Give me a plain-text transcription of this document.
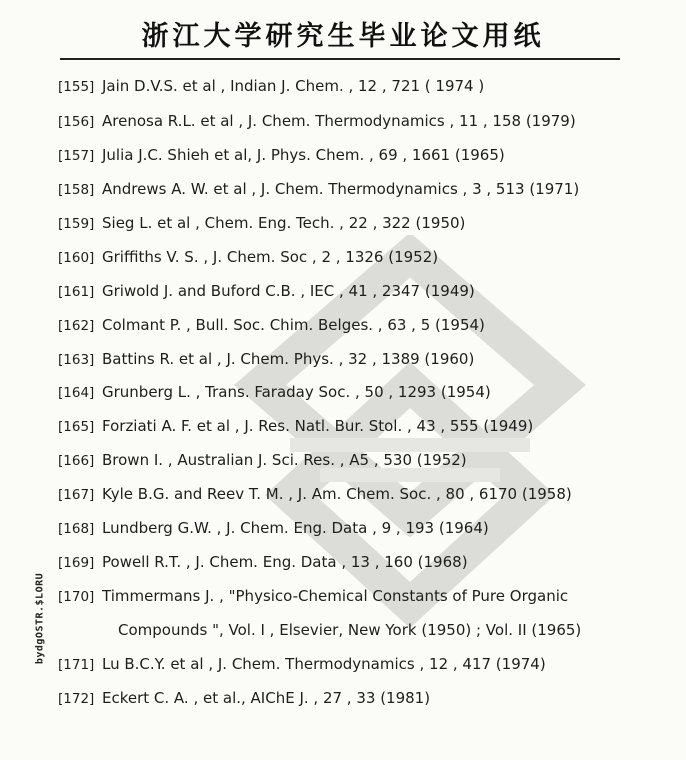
浙江大学研究生毕业论文用纸
bydgOSTR.$LORU
[155] Jain D.V.S. et al , Indian J. Chem. , 12 , 721 ( 1974 )
[156] Arenosa R.L. et al , J. Chem. Thermodynamics , 11 , 158 (1979)
[157] Julia J.C. Shieh et al, J. Phys. Chem. , 69 , 1661 (1965)
[158] Andrews A. W. et al , J. Chem. Thermodynamics , 3 , 513 (1971)
[159] Sieg L. et al , Chem. Eng. Tech. , 22 , 322 (1950)
[160] Griffiths V. S. , J. Chem. Soc , 2 , 1326 (1952)
[161] Griwold J. and Buford C.B. , IEC , 41 , 2347 (1949)
[162] Colmant P. , Bull. Soc. Chim. Belges. , 63 , 5 (1954)
[163] Battins R. et al , J. Chem. Phys. , 32 , 1389 (1960)
[164] Grunberg L. , Trans. Faraday Soc. , 50 , 1293 (1954)
[165] Forziati A. F. et al , J. Res. Natl. Bur. Stol. , 43 , 555 (1949)
[166] Brown I. , Australian J. Sci. Res. , A5 , 530 (1952)
[167] Kyle B.G. and Reev T. M. , J. Am. Chem. Soc. , 80 , 6170 (1958)
[168] Lundberg G.W. , J. Chem. Eng. Data , 9 , 193 (1964)
[169] Powell R.T. , J. Chem. Eng. Data , 13 , 160 (1968)
[170] Timmermans J. , "Physico-Chemical Constants of Pure Organic
Compounds ", Vol. I , Elsevier, New York (1950) ; Vol. II (1965)
[171] Lu B.C.Y. et al , J. Chem. Thermodynamics , 12 , 417 (1974)
[172] Eckert C. A. , et al., AIChE J. , 27 , 33 (1981)
